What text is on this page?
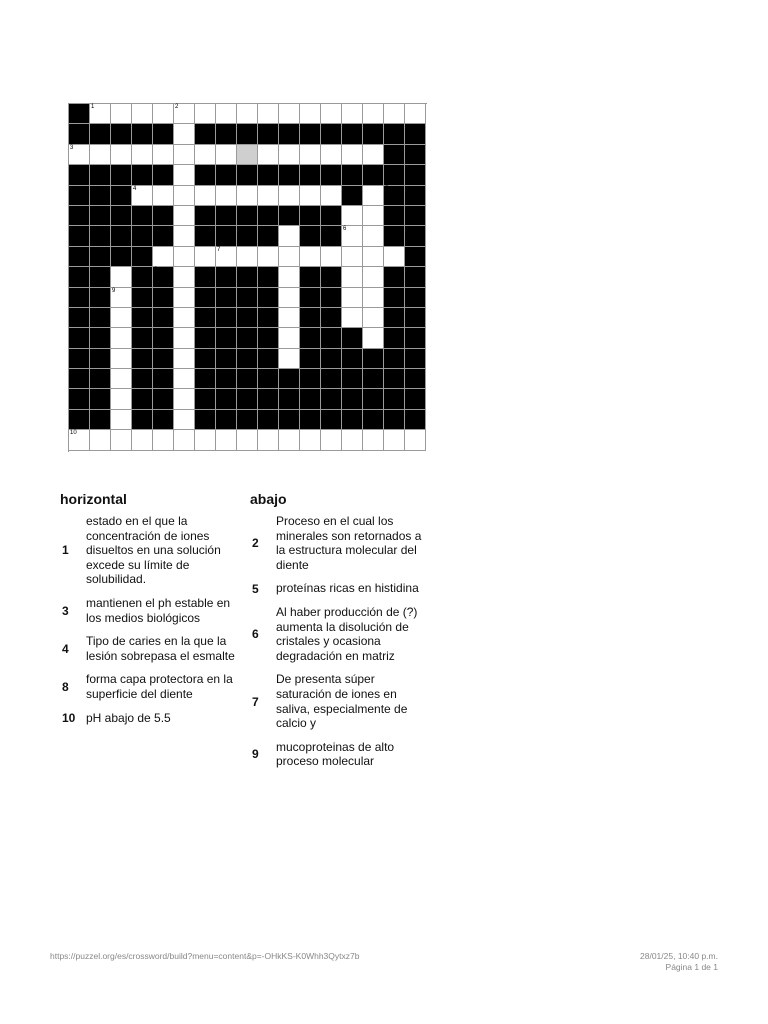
1	2
3
4	5
6
7
8
9
10
horizontal
1
estado en el que la concentración de iones disueltos en una solución excede su límite de solubilidad.
3
mantienen el ph estable en los medios biológicos
4
Tipo de caries en la que la lesión sobrepasa el esmalte
8
forma capa protectora en la superficie del diente
10 pH abajo de 5.5
abajo
2
Proceso en el cual los minerales son retornados a la estructura molecular del diente
5	proteínas ricas en histidina
6
Al haber producción de (?) aumenta la disolución de cristales y ocasiona degradación en matriz
7
De presenta súper saturación de iones en saliva, especialmente de calcio y
9
mucoproteinas de alto proceso molecular
https://puzzel.org/es/crossword/build?menu=content&p=-OHkKS-K0Whh3Qytxz7b	28/01/25, 10:40 p.m.
Página 1 de 1
